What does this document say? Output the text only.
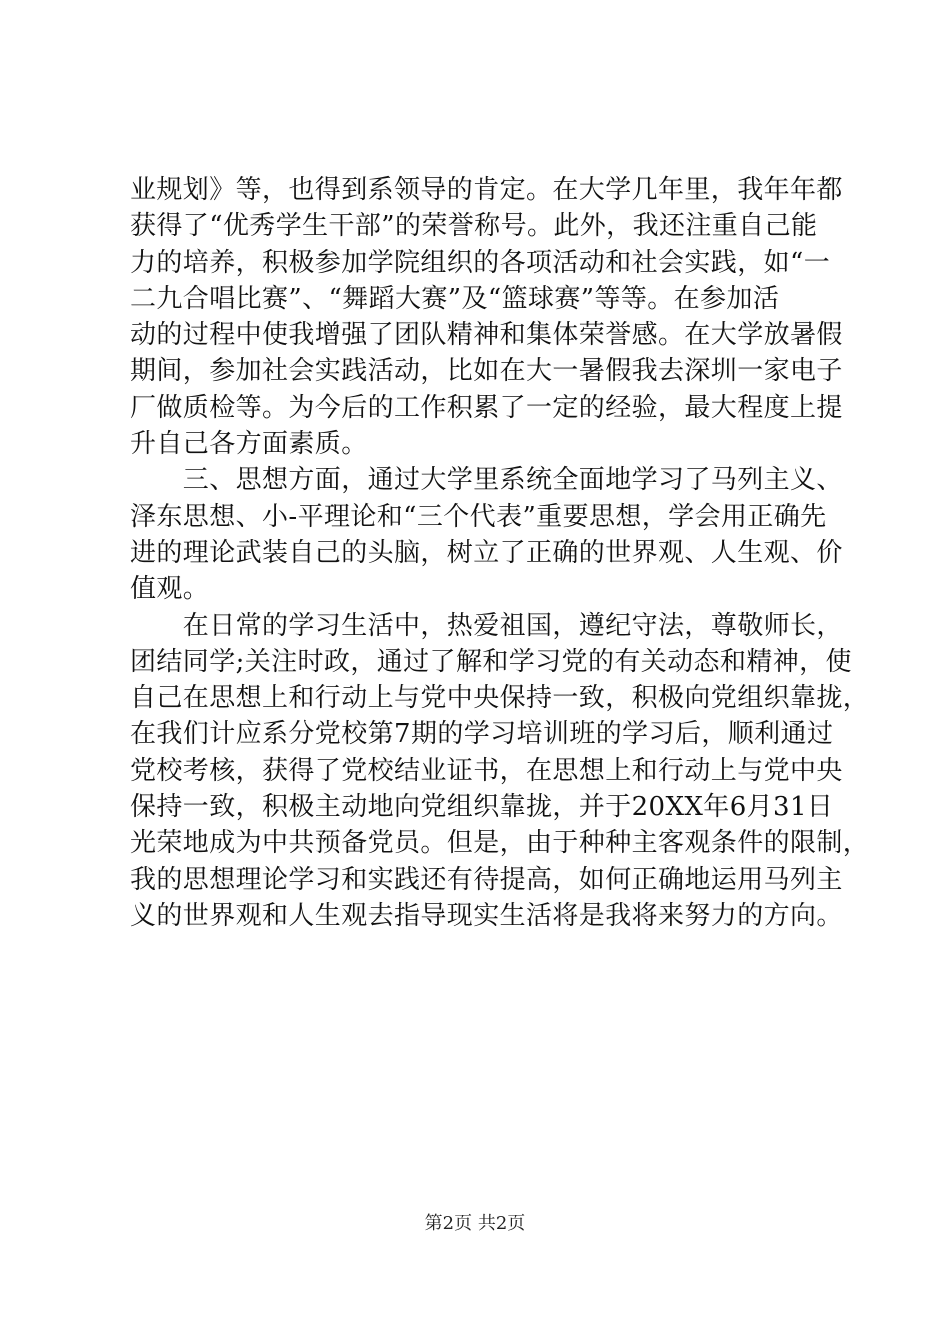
业规划》等，也得到系领导的肯定。在大学几年里，我年年都
获得了“优秀学生干部”的荣誉称号。此外，我还注重自己能
力的培养，积极参加学院组织的各项活动和社会实践，如“一
二九合唱比赛”、“舞蹈大赛”及“篮球赛”等等。在参加活
动的过程中使我增强了团队精神和集体荣誉感。在大学放暑假
期间，参加社会实践活动，比如在大一暑假我去深圳一家电子
厂做质检等。为今后的工作积累了一定的经验，最大程度上提
升自己各方面素质。
　　三、思想方面，通过大学里系统全面地学习了马列主义、
泽东思想、小-平理论和“三个代表”重要思想，学会用正确先
进的理论武装自己的头脑，树立了正确的世界观、人生观、价
值观。
　　在日常的学习生活中，热爱祖国，遵纪守法，尊敬师长，
团结同学;关注时政，通过了解和学习党的有关动态和精神，使
自己在思想上和行动上与党中央保持一致，积极向党组织靠拢，
在我们计应系分党校第7期的学习培训班的学习后，顺利通过
党校考核，获得了党校结业证书，在思想上和行动上与党中央
保持一致，积极主动地向党组织靠拢，并于20XX年6月31日
光荣地成为中共预备党员。但是，由于种种主客观条件的限制，
我的思想理论学习和实践还有待提高，如何正确地运用马列主
义的世界观和人生观去指导现实生活将是我将来努力的方向。
第2页 共2页
